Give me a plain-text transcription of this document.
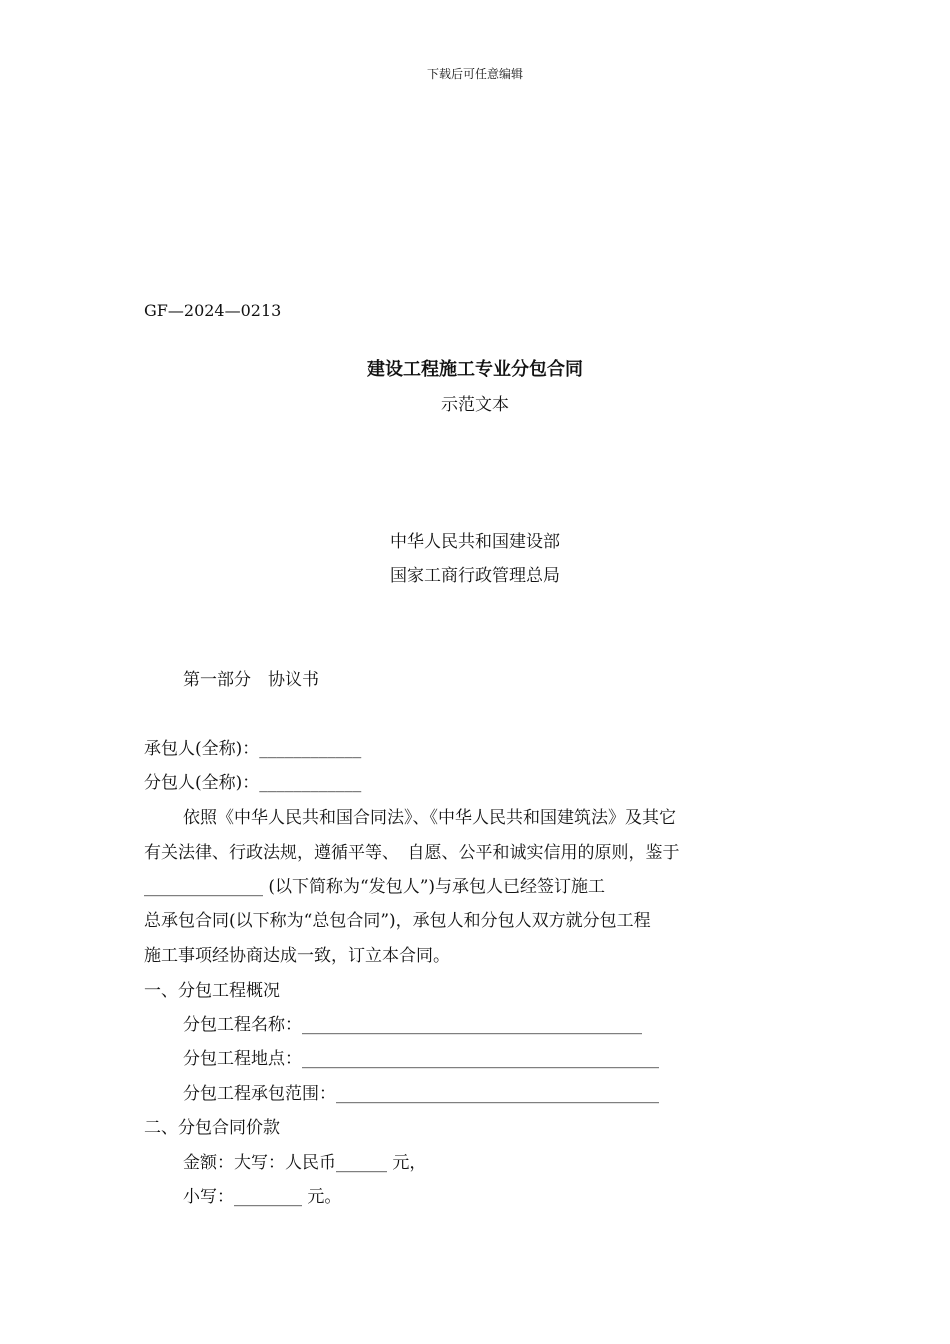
下载后可任意编辑
GF—2024—0213
建设工程施工专业分包合同
示范文本
中华人民共和国建设部
国家工商行政管理总局
第一部分　协议书
承包人(全称)：____________
分包人(全称)：____________
依照《中华人民共和国合同法》、《中华人民共和国建筑法》及其它
有关法律、行政法规，遵循平等、　自愿、公平和诚实信用的原则，鉴于
______________ (以下简称为“发包人”)与承包人已经签订施工
总承包合同(以下称为“总包合同”)，承包人和分包人双方就分包工程
施工事项经协商达成一致，订立本合同。
一、分包工程概况
分包工程名称：________________________________________
分包工程地点：__________________________________________
分包工程承包范围：______________________________________
二、分包合同价款
金额：大写：人民币______ 元，
小写：________ 元。
